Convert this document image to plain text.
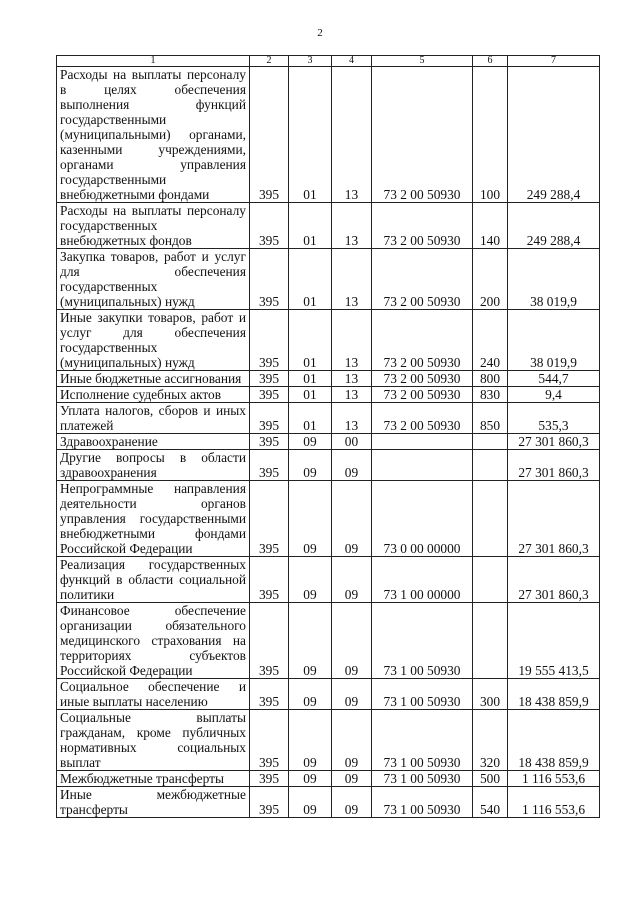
2
1	2	3	4	5	6	7
Расходы на выплаты персоналу в целях обеспечения выполнения функций государственными (муниципальными) органами, казенными учреждениями, органами управления государственными внебюджетными фондами	395	01	13	73 2 00 50930	100	249 288,4
Расходы на выплаты персоналу государственных внебюджетных фондов	395	01	13	73 2 00 50930	140	249 288,4
Закупка товаров, работ и услуг для обеспечения государственных (муниципальных) нужд	395	01	13	73 2 00 50930	200	38 019,9
Иные закупки товаров, работ и услуг для обеспечения государственных (муниципальных) нужд	395	01	13	73 2 00 50930	240	38 019,9
Иные бюджетные ассигнования	395	01	13	73 2 00 50930	800	544,7
Исполнение судебных актов	395	01	13	73 2 00 50930	830	9,4
Уплата налогов, сборов и иных платежей	395	01	13	73 2 00 50930	850	535,3
Здравоохранение	395	09	00			27 301 860,3
Другие вопросы в области здравоохранения	395	09	09			27 301 860,3
Непрограммные направления деятельности органов управления государственными внебюджетными фондами Российской Федерации	395	09	09	73 0 00 00000		27 301 860,3
Реализация государственных функций в области социальной политики	395	09	09	73 1 00 00000		27 301 860,3
Финансовое обеспечение организации обязательного медицинского страхования на территориях субъектов Российской Федерации	395	09	09	73 1 00 50930		19 555 413,5
Социальное обеспечение и иные выплаты населению	395	09	09	73 1 00 50930	300	18 438 859,9
Социальные выплаты гражданам, кроме публичных нормативных социальных выплат	395	09	09	73 1 00 50930	320	18 438 859,9
Межбюджетные трансферты	395	09	09	73 1 00 50930	500	1 116 553,6
Иные межбюджетные трансферты	395	09	09	73 1 00 50930	540	1 116 553,6
